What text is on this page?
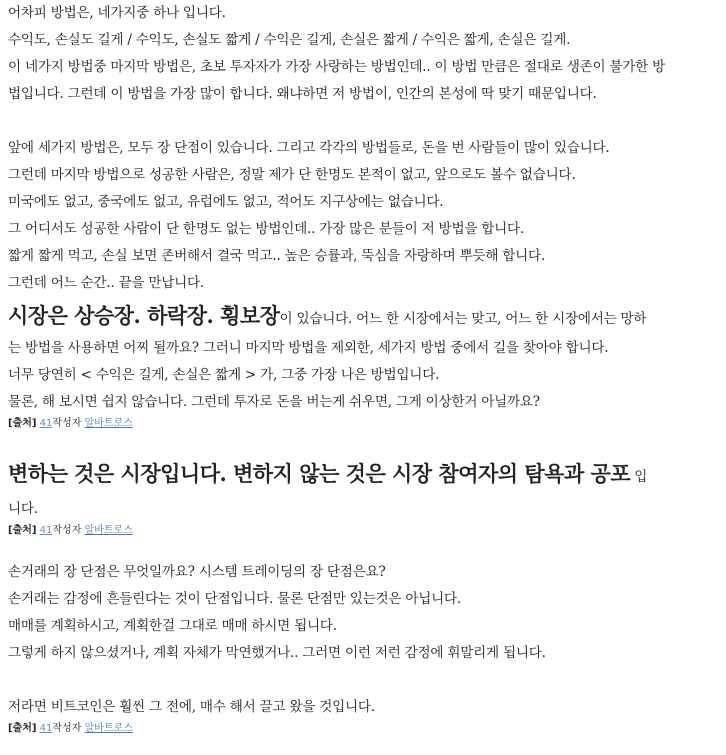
어차피 방법은, 네가지중 하나 입니다.
수익도, 손실도 길게 / 수익도, 손실도 짧게 / 수익은 길게, 손실은 짧게 / 수익은 짧게, 손실은 길게.
이 네가지 방법중 마지막 방법은, 초보 투자자가 가장 사랑하는 방법인데.. 이 방법 만큼은 절대로 생존이 불가한 방
법입니다. 그런데 이 방법을 가장 많이 합니다. 왜냐하면 저 방법이, 인간의 본성에 딱 맞기 때문입니다.
앞에 세가지 방법은, 모두 장 단점이 있습니다. 그리고 각각의 방법들로, 돈을 번 사람들이 많이 있습니다.
그런데 마지막 방법으로 성공한 사람은, 정말 제가 단 한명도 본적이 없고, 앞으로도 볼수 없습니다.
미국에도 없고, 중국에도 없고, 유럽에도 없고, 적어도 지구상에는 없습니다.
그 어디서도 성공한 사람이 단 한명도 없는 방법인데.. 가장 많은 분들이 저 방법을 합니다.
짧게 짧게 먹고, 손실 보면 존버해서 결국 먹고.. 높은 승률과, 뚝심을 자랑하며 뿌듯해 합니다.
그런데 어느 순간.. 끝을 만납니다.
시장은 상승장. 하락장. 횡보장이 있습니다. 어느 한 시장에서는 맞고, 어느 한 시장에서는 망하
는 방법을 사용하면 어찌 될까요? 그러니 마지막 방법을 제외한, 세가지 방법 중에서 길을 찾아야 합니다.
너무 당연히 < 수익은 길게, 손실은 짧게 > 가, 그중 가장 나은 방법입니다.
물론, 해 보시면 쉽지 않습니다. 그런데 투자로 돈을 버는게 쉬우면, 그게 이상한거 아닐까요?
[출처] 41작성자 알바트로스
변하는 것은 시장입니다. 변하지 않는 것은 시장 참여자의 탐욕과 공포 입
니다.
[출처] 41작성자 알바트로스
손거래의 장 단점은 무엇일까요? 시스템 트레이딩의 장 단점은요?
손거래는 감정에 흔들린다는 것이 단점입니다. 물론 단점만 있는것은 아닙니다.
매매를 계획하시고, 계획한걸 그대로 매매 하시면 됩니다.
그렇게 하지 않으셨거나, 계획 자체가 막연했거나.. 그러면 이런 저런 감정에 휘말리게 됩니다.
저라면 비트코인은 훨씬 그 전에, 매수 해서 끌고 왔을 것입니다.
[출처] 41작성자 알바트로스
